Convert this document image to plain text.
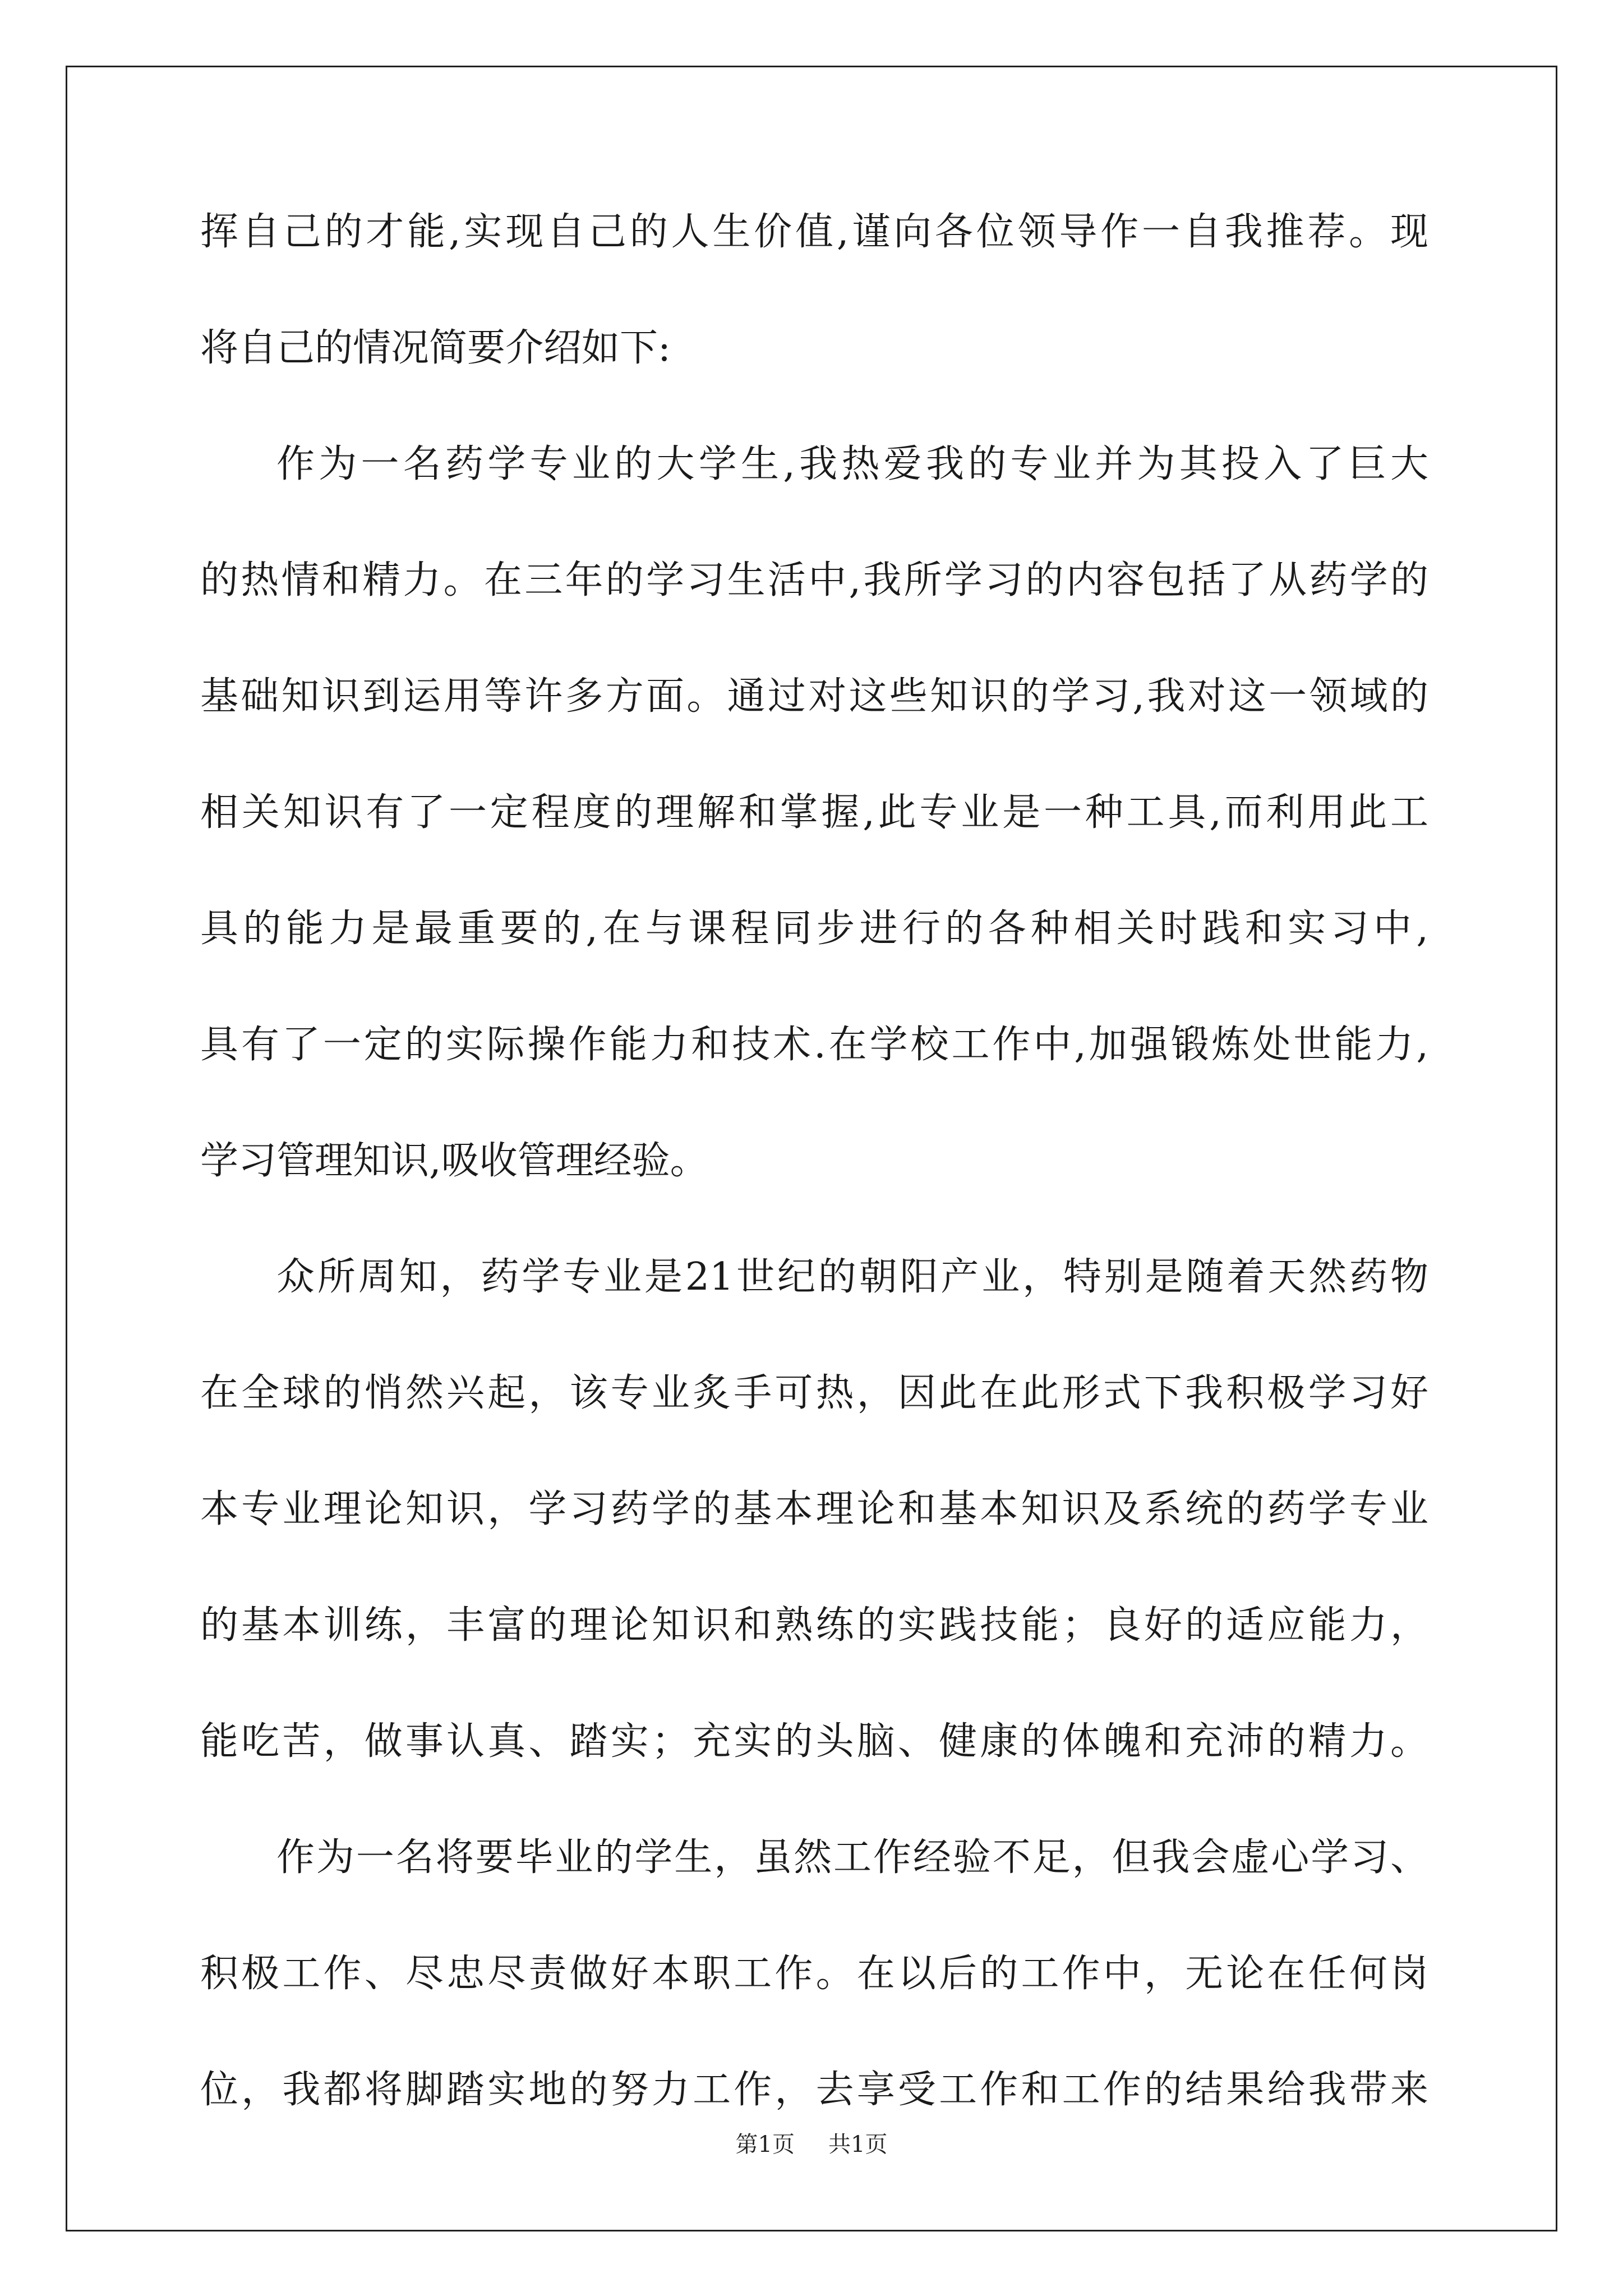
挥自己的才能,实现自己的人生价值,谨向各位领导作一自我推荐。现
将自己的情况简要介绍如下:
作为一名药学专业的大学生,我热爱我的专业并为其投入了巨大
的热情和精力。在三年的学习生活中,我所学习的内容包括了从药学的
基础知识到运用等许多方面。通过对这些知识的学习,我对这一领域的
相关知识有了一定程度的理解和掌握,此专业是一种工具,而利用此工
具的能力是最重要的,在与课程同步进行的各种相关时践和实习中,
具有了一定的实际操作能力和技术.在学校工作中,加强锻炼处世能力,
学习管理知识,吸收管理经验。
众所周知，药学专业是21世纪的朝阳产业，特别是随着天然药物
在全球的悄然兴起，该专业炙手可热，因此在此形式下我积极学习好
本专业理论知识，学习药学的基本理论和基本知识及系统的药学专业
的基本训练，丰富的理论知识和熟练的实践技能；良好的适应能力，
能吃苦，做事认真、踏实；充实的头脑、健康的体魄和充沛的精力。
作为一名将要毕业的学生，虽然工作经验不足，但我会虚心学习、
积极工作、尽忠尽责做好本职工作。在以后的工作中，无论在任何岗
位，我都将脚踏实地的努力工作，去享受工作和工作的结果给我带来
第1页 共1页
